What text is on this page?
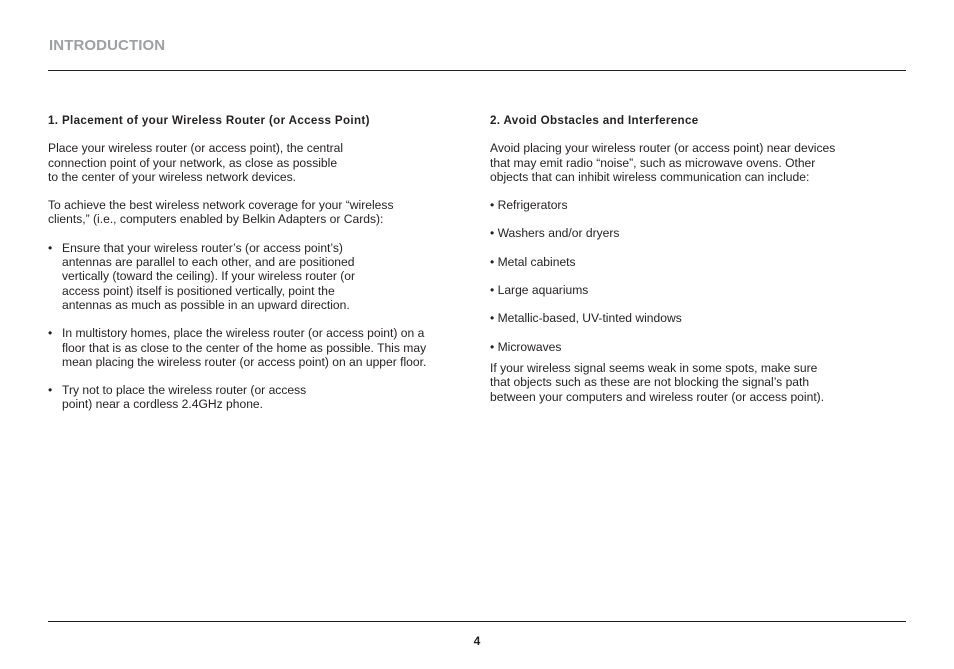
INTRODUCTION
1. Placement of your Wireless Router (or Access Point)
Place your wireless router (or access point), the central
connection point of your network, as close as possible
to the center of your wireless network devices.
To achieve the best wireless network coverage for your “wireless
clients,” (i.e., computers enabled by Belkin Adapters or Cards):
• Ensure that your wireless router’s (or access point’s)
antennas are parallel to each other, and are positioned
vertically (toward the ceiling). If your wireless router (or
access point) itself is positioned vertically, point the
antennas as much as possible in an upward direction.
• In multistory homes, place the wireless router (or access point) on a
floor that is as close to the center of the home as possible. This may
mean placing the wireless router (or access point) on an upper floor.
• Try not to place the wireless router (or access
point) near a cordless 2.4GHz phone.
2. Avoid Obstacles and Interference
Avoid placing your wireless router (or access point) near devices
that may emit radio “noise”, such as microwave ovens. Other
objects that can inhibit wireless communication can include:
• Refrigerators
• Washers and/or dryers
• Metal cabinets
• Large aquariums
• Metallic-based, UV-tinted windows
• Microwaves
If your wireless signal seems weak in some spots, make sure
that objects such as these are not blocking the signal’s path
between your computers and wireless router (or access point).
4
